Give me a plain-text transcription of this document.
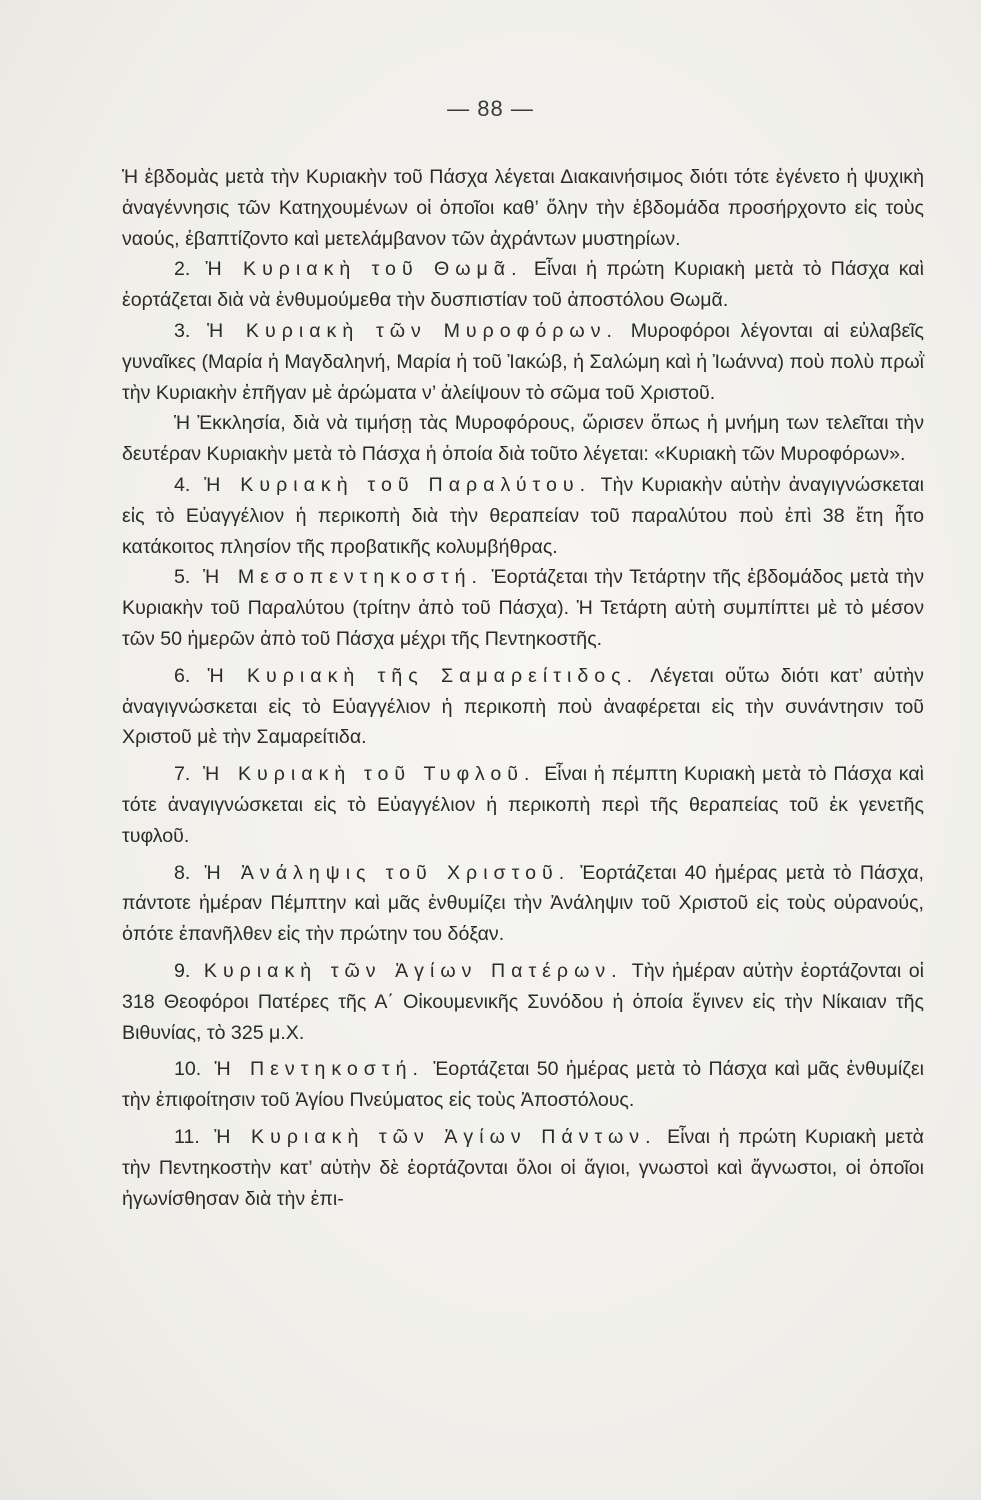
— 88 —

Ἡ ἑβδομὰς μετὰ τὴν Κυριακὴν τοῦ Πάσχα λέγεται Διακαινήσιμος διότι τότε ἐγένετο ἡ ψυχικὴ ἀναγέννησις τῶν Κατηχουμένων οἱ ὁποῖοι καθ’ ὅλην τὴν ἑβδομάδα προσήρχοντο εἰς τοὺς ναούς, ἐβαπτίζοντο καὶ μετελάμβανον τῶν ἀχράντων μυστηρίων.

2. Ἡ Κυριακὴ τοῦ Θωμᾶ. Εἶναι ἡ πρώτη Κυριακὴ μετὰ τὸ Πάσχα καὶ ἑορτάζεται διὰ νὰ ἐνθυμούμεθα τὴν δυσπιστίαν τοῦ ἀποστόλου Θωμᾶ.

3. Ἡ Κυριακὴ τῶν Μυροφόρων. Μυροφόροι λέγονται αἱ εὐλαβεῖς γυναῖκες (Μαρία ἡ Μαγδαληνή, Μαρία ἡ τοῦ Ἰακώβ, ἡ Σαλώμη καὶ ἡ Ἰωάννα) ποὺ πολὺ πρωῒ τὴν Κυριακὴν ἐπῆγαν μὲ ἀρώματα ν’ ἀλείψουν τὸ σῶμα τοῦ Χριστοῦ.

Ἡ Ἐκκλησία, διὰ νὰ τιμήσῃ τὰς Μυροφόρους, ὥρισεν ὅπως ἡ μνήμη των τελεῖται τὴν δευτέραν Κυριακὴν μετὰ τὸ Πάσχα ἡ ὁποία διὰ τοῦτο λέγεται: «Κυριακὴ τῶν Μυροφόρων».

4. Ἡ Κυριακὴ τοῦ Παραλύτου. Τὴν Κυριακὴν αὐτὴν ἀναγιγνώσκεται εἰς τὸ Εὐαγγέλιον ἡ περικοπὴ διὰ τὴν θεραπείαν τοῦ παραλύτου ποὺ ἐπὶ 38 ἔτη ἦτο κατάκοιτος πλησίον τῆς προβατικῆς κολυμβήθρας.

5. Ἡ Μεσοπεντηκοστή. Ἑορτάζεται τὴν Τετάρτην τῆς ἑβδομάδος μετὰ τὴν Κυριακὴν τοῦ Παραλύτου (τρίτην ἀπὸ τοῦ Πάσχα). Ἡ Τετάρτη αὐτὴ συμπίπτει μὲ τὸ μέσον τῶν 50 ἡμερῶν ἀπὸ τοῦ Πάσχα μέχρι τῆς Πεντηκοστῆς.

6. Ἡ Κυριακὴ τῆς Σαμαρείτιδος. Λέγεται οὕτω διότι κατ’ αὐτὴν ἀναγιγνώσκεται εἰς τὸ Εὐαγγέλιον ἡ περικοπὴ ποὺ ἀναφέρεται εἰς τὴν συνάντησιν τοῦ Χριστοῦ μὲ τὴν Σαμαρείτιδα.

7. Ἡ Κυριακὴ τοῦ Τυφλοῦ. Εἶναι ἡ πέμπτη Κυριακὴ μετὰ τὸ Πάσχα καὶ τότε ἀναγιγνώσκεται εἰς τὸ Εὐαγγέλιον ἡ περικοπὴ περὶ τῆς θεραπείας τοῦ ἐκ γενετῆς τυφλοῦ.

8. Ἡ Ἀνάληψις τοῦ Χριστοῦ. Ἑορτάζεται 40 ἡμέρας μετὰ τὸ Πάσχα, πάντοτε ἡμέραν Πέμπτην καὶ μᾶς ἐνθυμίζει τὴν Ἀνάληψιν τοῦ Χριστοῦ εἰς τοὺς οὐρανούς, ὁπότε ἐπανῆλθεν εἰς τὴν πρώτην του δόξαν.

9. Κυριακὴ τῶν Ἁγίων Πατέρων. Τὴν ἡμέραν αὐτὴν ἑορτάζονται οἱ 318 Θεοφόροι Πατέρες τῆς Α΄ Οἰκουμενικῆς Συνόδου ἡ ὁποία ἔγινεν εἰς τὴν Νίκαιαν τῆς Βιθυνίας, τὸ 325 μ.Χ.

10. Ἡ Πεντηκοστή. Ἑορτάζεται 50 ἡμέρας μετὰ τὸ Πάσχα καὶ μᾶς ἐνθυμίζει τὴν ἐπιφοίτησιν τοῦ Ἁγίου Πνεύματος εἰς τοὺς Ἀποστόλους.

11. Ἡ Κυριακὴ τῶν Ἁγίων Πάντων. Εἶναι ἡ πρώτη Κυριακὴ μετὰ τὴν Πεντηκοστὴν κατ’ αὐτὴν δὲ ἑορτάζονται ὅλοι οἱ ἅγιοι, γνωστοὶ καὶ ἄγνωστοι, οἱ ὁποῖοι ἠγωνίσθησαν διὰ τὴν ἐπι-
